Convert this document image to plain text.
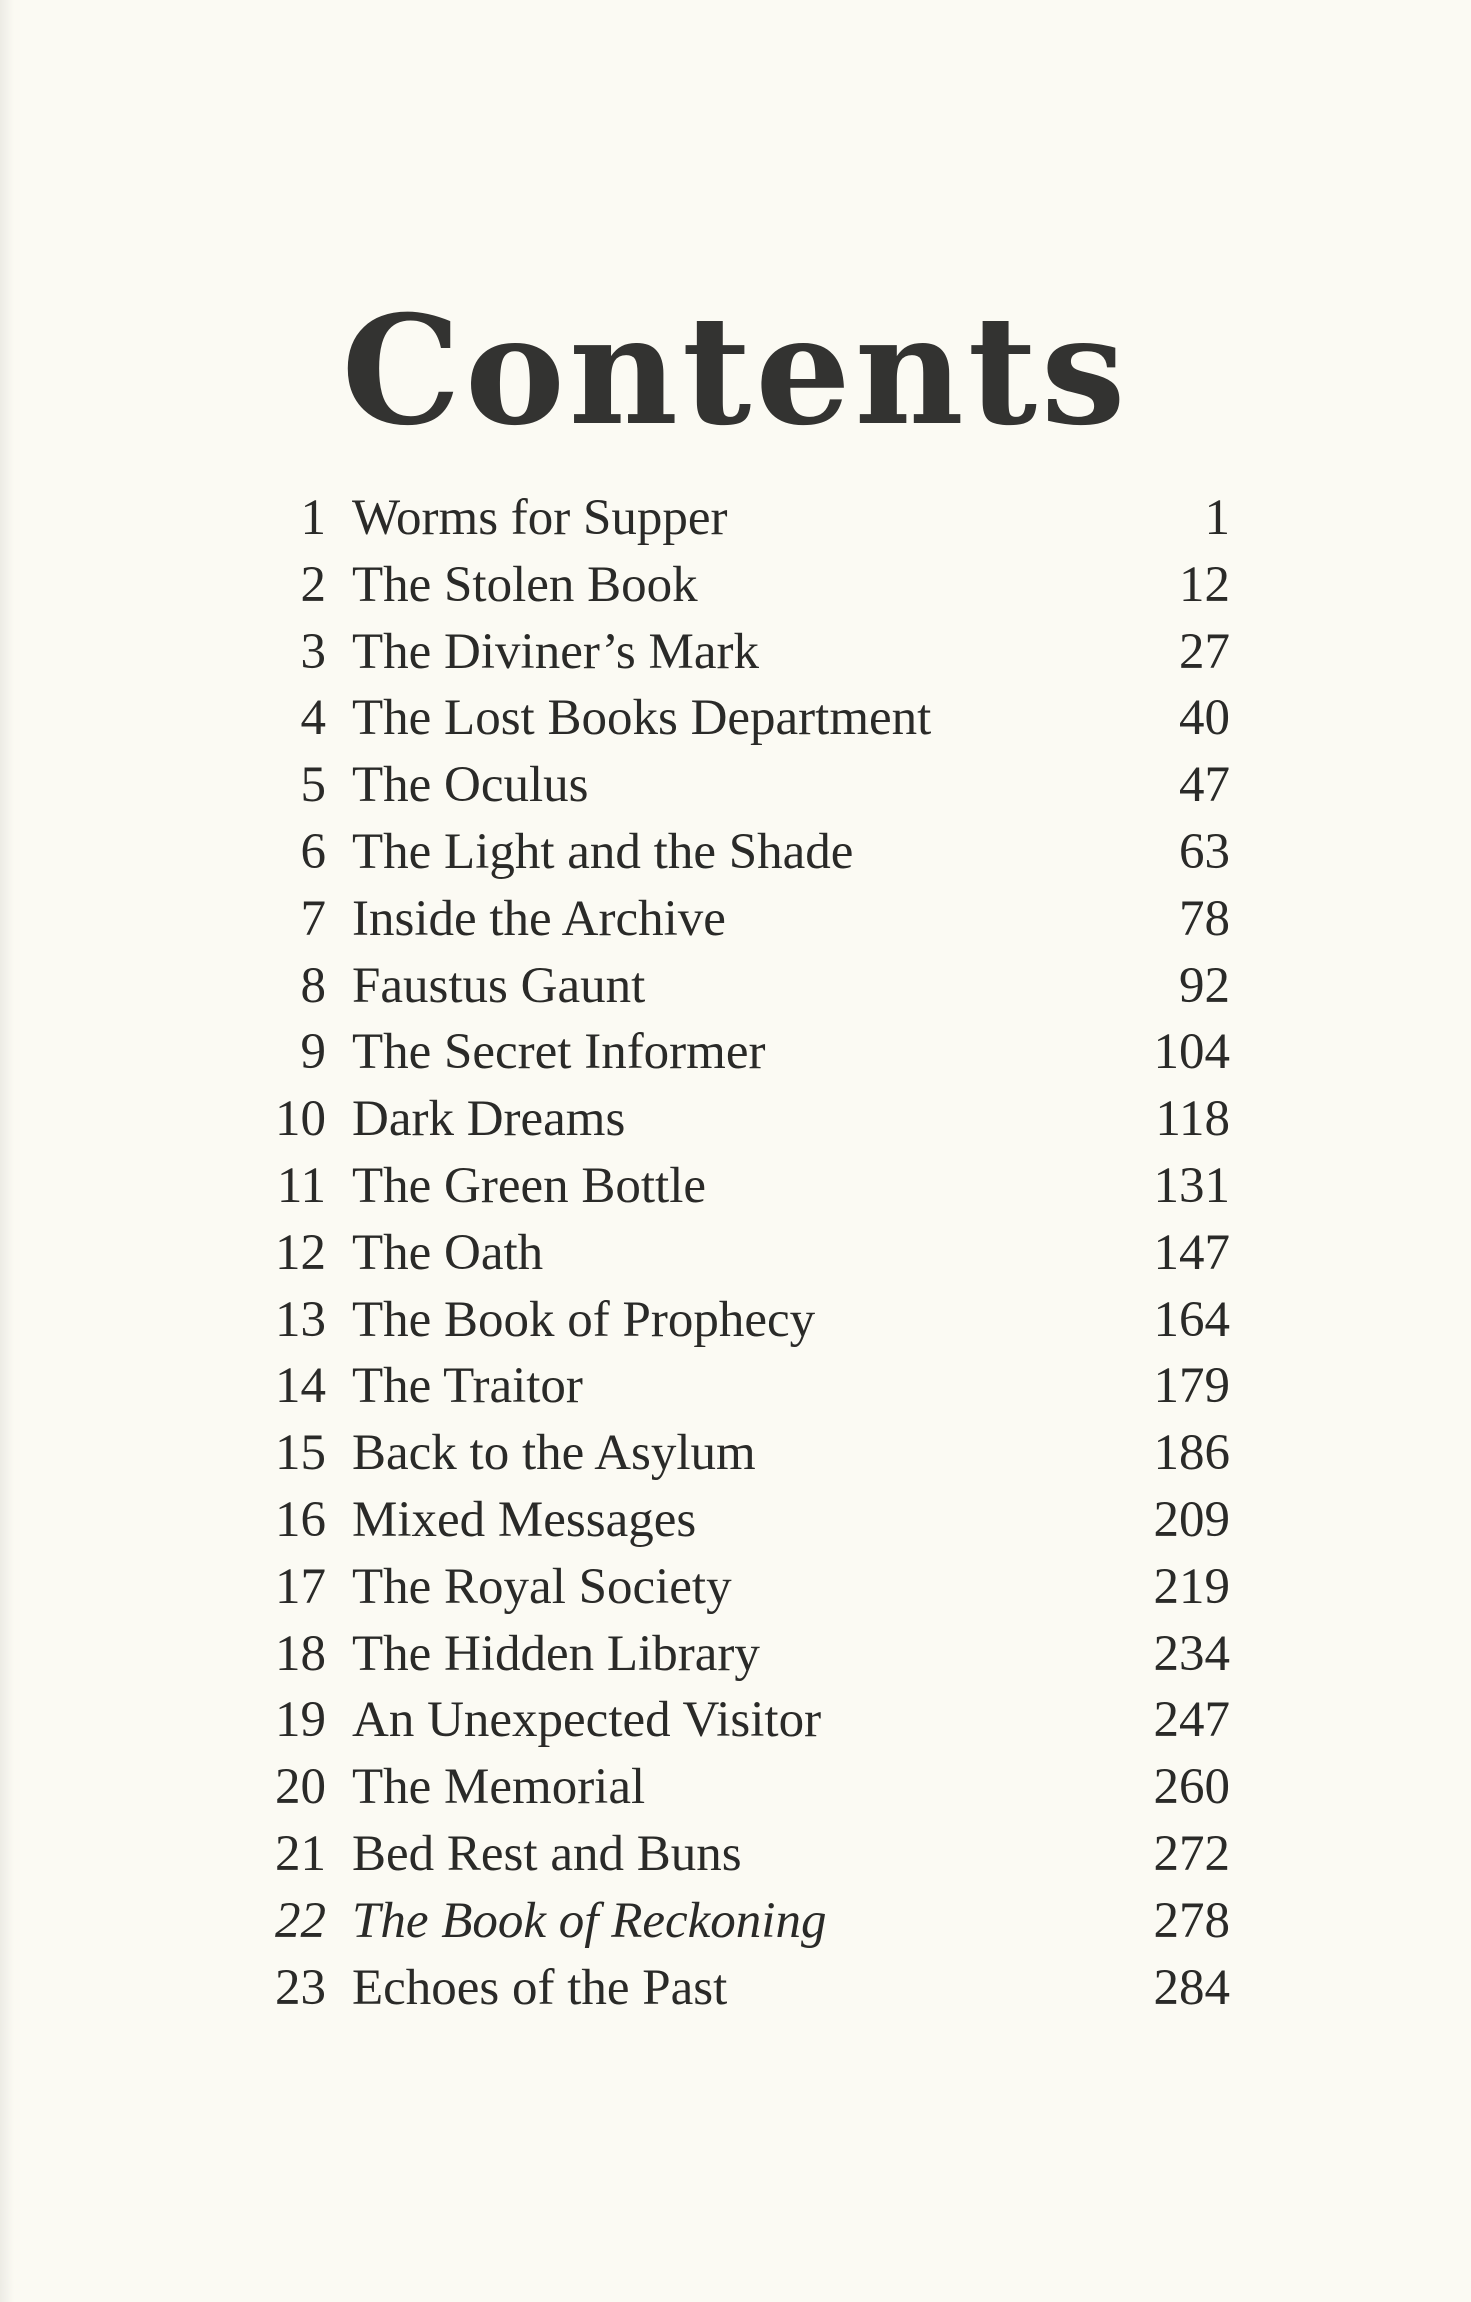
Contents
1 Worms for Supper	1
2 The Stolen Book	12
3 The Diviner’s Mark	27
4 The Lost Books Department	40
5 The Oculus	47
6 The Light and the Shade	63
7 Inside the Archive	78
8 Faustus Gaunt	92
9 The Secret Informer	104
10 Dark Dreams	118
11 The Green Bottle	131
12 The Oath	147
13 The Book of Prophecy	164
14 The Traitor	179
15 Back to the Asylum	186
16 Mixed Messages	209
17 The Royal Society	219
18 The Hidden Library	234
19 An Unexpected Visitor	247
20 The Memorial	260
21 Bed Rest and Buns	272
22 The Book of Reckoning	278
23 Echoes of the Past	284
